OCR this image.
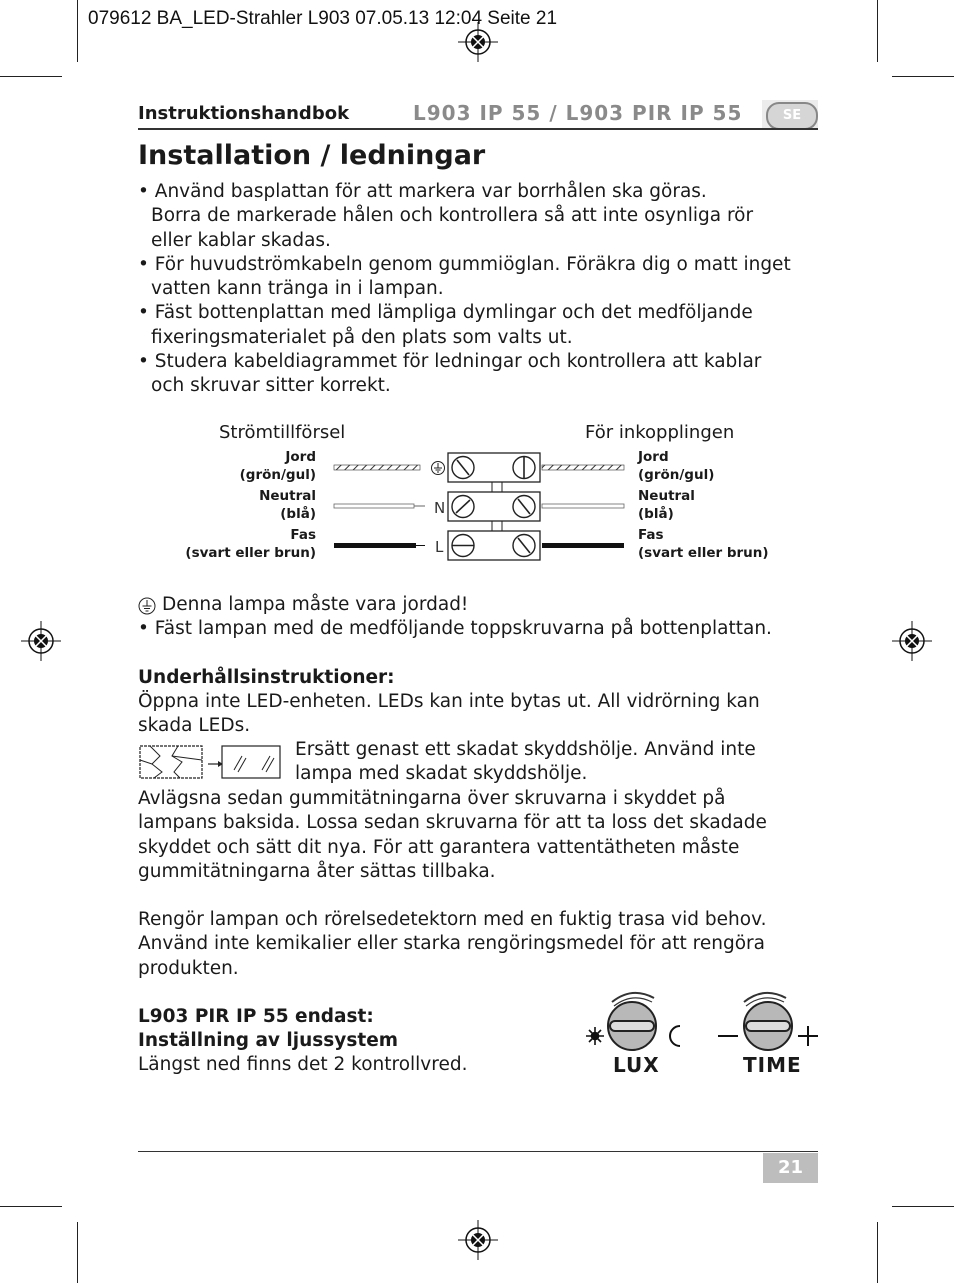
079612 BA_LED-Strahler L903 07.05.13 12:04 Seite 21
Instruktionshandbok	L903 IP 55 / L903 PIR IP 55	SE
Installation / ledningar
• Använd basplattan för att markera var borrhålen ska göras.
Borra de markerade hålen och kontrollera så att inte osynliga rör
eller kablar skadas.
• För huvudströmkabeln genom gummiöglan. Föräkra dig o matt inget
vatten kann tränga in i lampan.
• Fäst bottenplattan med lämpliga dymlingar och det medföljande
fixeringsmaterialet på den plats som valts ut.
• Studera kabeldiagrammet för ledningar och kontrollera att kablar
och skruvar sitter korrekt.
Strömtillförsel	För inkopplingen
Jord
(grön/gul)
Neutral
(blå)
Fas
(svart eller brun)
Jord
(grön/gul)
Neutral
(blå)
Fas
(svart eller brun)
N
L
Denna lampa måste vara jordad!
• Fäst lampan med de medföljande toppskruvarna på bottenplattan.
Underhållsinstruktioner:
Öppna inte LED-enheten. LEDs kan inte bytas ut. All vidrörning kan
skada LEDs.
Ersätt genast ett skadat skyddshölje. Använd inte
lampa med skadat skyddshölje.
Avlägsna sedan gummitätningarna över skruvarna i skyddet på
lampans baksida. Lossa sedan skruvarna för att ta loss det skadade
skyddet och sätt dit nya. För att garantera vattentätheten måste
gummitätningarna åter sättas tillbaka.
Rengör lampan och rörelsedetektorn med en fuktig trasa vid behov.
Använd inte kemikalier eller starka rengöringsmedel för att rengöra
produkten.
L903 PIR IP 55 endast:
Inställning av ljussystem
Längst ned finns det 2 kontrollvred.	LUX	TIME
21
